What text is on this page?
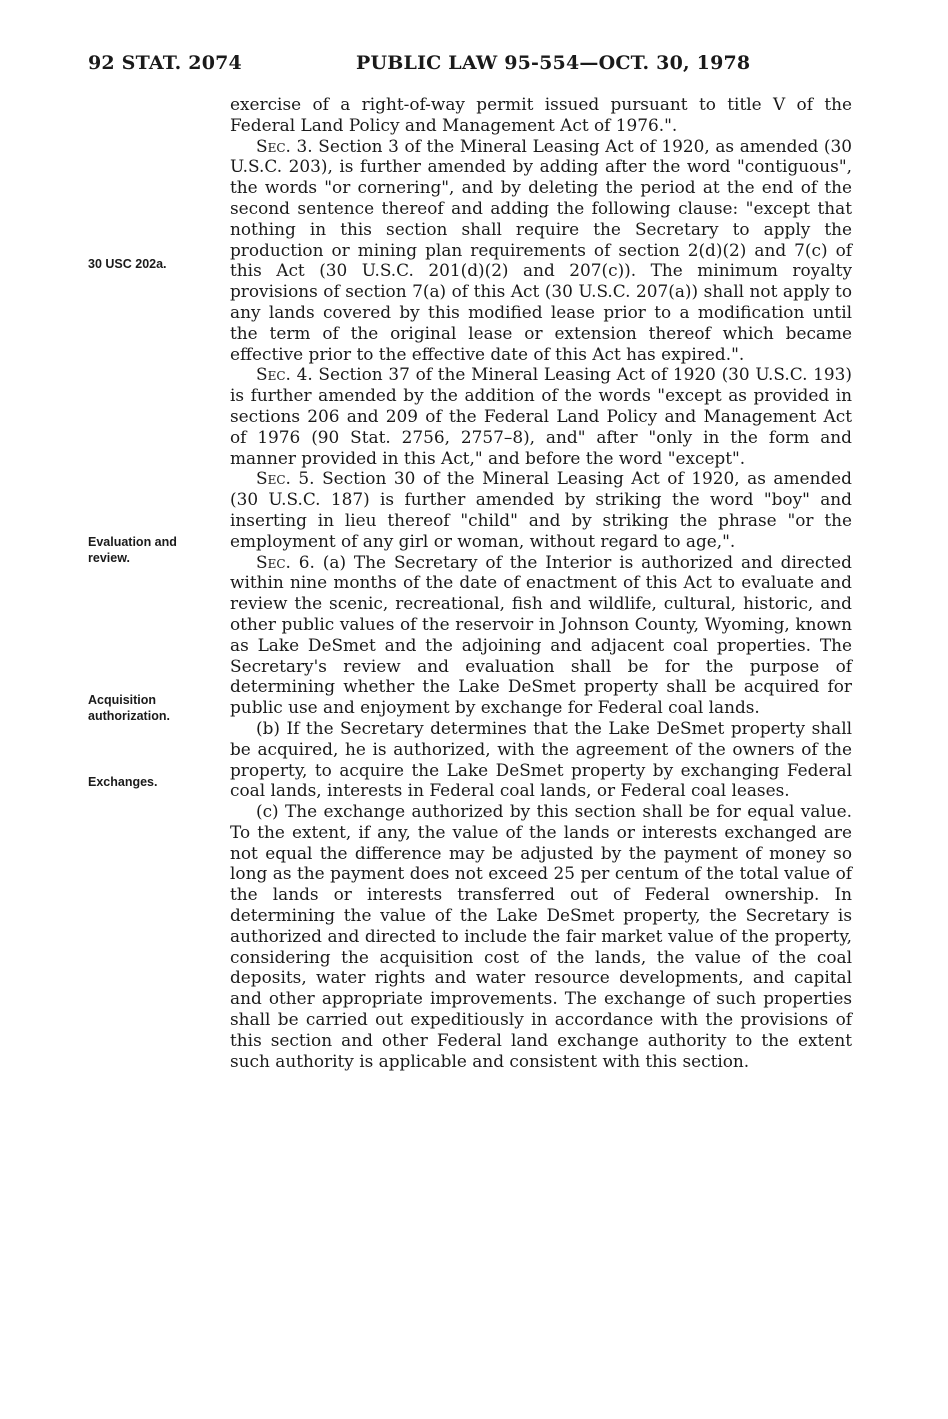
92 STAT. 2074	PUBLIC LAW 95-554—OCT. 30, 1978
30 USC 202a.
Evaluation and review.
Acquisition authorization.
Exchanges.

exercise of a right-of-way permit issued pursuant to title V of the Federal Land Policy and Management Act of 1976.".

Sec. 3. Section 3 of the Mineral Leasing Act of 1920, as amended (30 U.S.C. 203), is further amended by adding after the word "contiguous", the words "or cornering", and by deleting the period at the end of the second sentence thereof and adding the following clause: "except that nothing in this section shall require the Secretary to apply the production or mining plan requirements of section 2(d)(2) and 7(c) of this Act (30 U.S.C. 201(d)(2) and 207(c)). The minimum royalty provisions of section 7(a) of this Act (30 U.S.C. 207(a)) shall not apply to any lands covered by this modified lease prior to a modification until the term of the original lease or extension thereof which became effective prior to the effective date of this Act has expired.".

Sec. 4. Section 37 of the Mineral Leasing Act of 1920 (30 U.S.C. 193) is further amended by the addition of the words "except as provided in sections 206 and 209 of the Federal Land Policy and Management Act of 1976 (90 Stat. 2756, 2757–8), and" after "only in the form and manner provided in this Act," and before the word "except".

Sec. 5. Section 30 of the Mineral Leasing Act of 1920, as amended (30 U.S.C. 187) is further amended by striking the word "boy" and inserting in lieu thereof "child" and by striking the phrase "or the employment of any girl or woman, without regard to age,".

Sec. 6. (a) The Secretary of the Interior is authorized and directed within nine months of the date of enactment of this Act to evaluate and review the scenic, recreational, fish and wildlife, cultural, historic, and other public values of the reservoir in Johnson County, Wyoming, known as Lake DeSmet and the adjoining and adjacent coal properties. The Secretary's review and evaluation shall be for the purpose of determining whether the Lake DeSmet property shall be acquired for public use and enjoyment by exchange for Federal coal lands.

(b) If the Secretary determines that the Lake DeSmet property shall be acquired, he is authorized, with the agreement of the owners of the property, to acquire the Lake DeSmet property by exchanging Federal coal lands, interests in Federal coal lands, or Federal coal leases.

(c) The exchange authorized by this section shall be for equal value. To the extent, if any, the value of the lands or interests exchanged are not equal the difference may be adjusted by the payment of money so long as the payment does not exceed 25 per centum of the total value of the lands or interests transferred out of Federal ownership. In determining the value of the Lake DeSmet property, the Secretary is authorized and directed to include the fair market value of the property, considering the acquisition cost of the lands, the value of the coal deposits, water rights and water resource developments, and capital and other appropriate improvements. The exchange of such properties shall be carried out expeditiously in accordance with the provisions of this section and other Federal land exchange authority to the extent such authority is applicable and consistent with this section.
